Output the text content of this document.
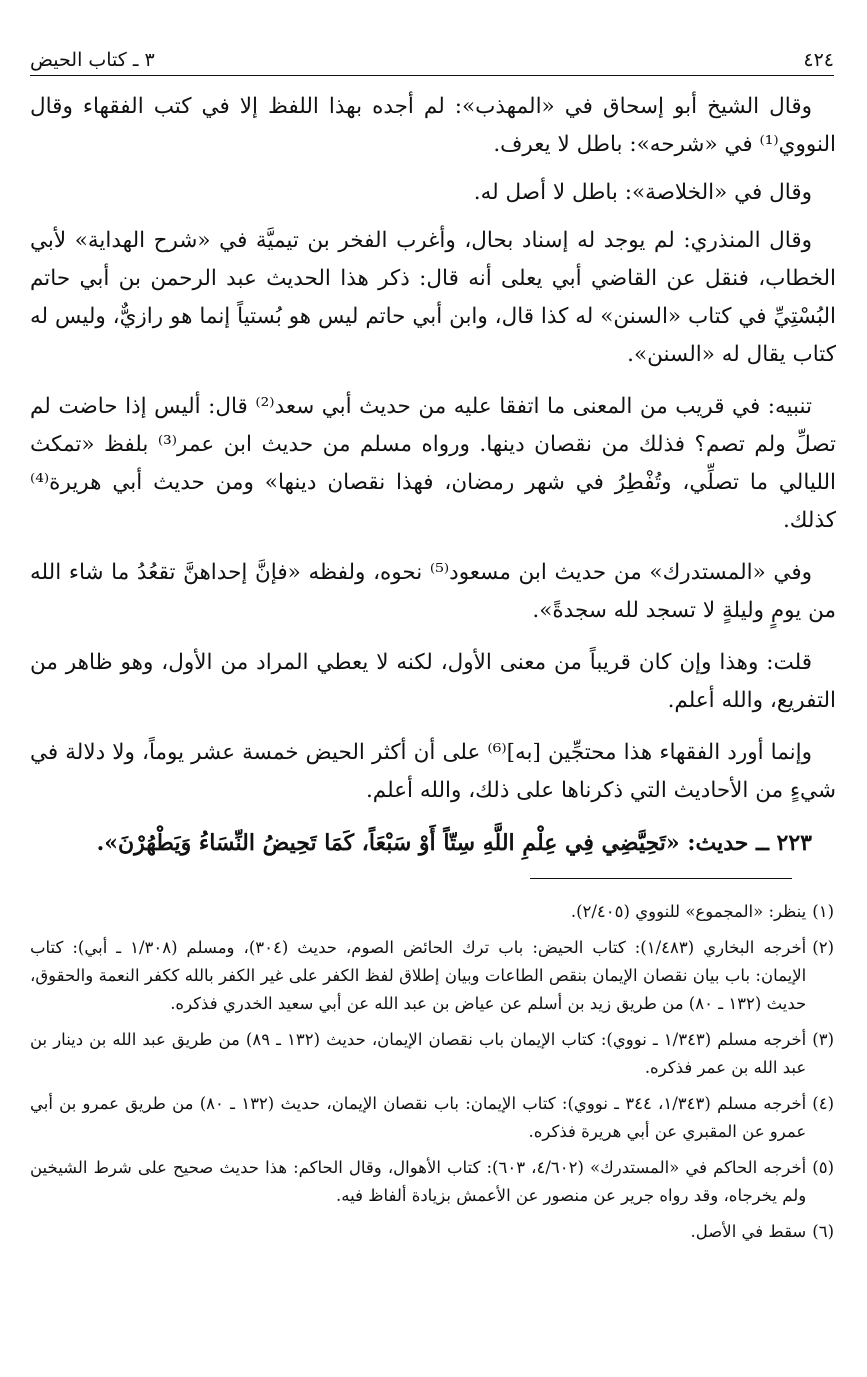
٤٢٤
٣ ـ كتاب الحيض

وقال الشيخ أبو إسحاق في «المهذب»: لم أجده بهذا اللفظ إلا في كتب الفقهاء وقال النووي⁽¹⁾ في «شرحه»: باطل لا يعرف.

وقال في «الخلاصة»: باطل لا أصل له.

وقال المنذري: لم يوجد له إسناد بحال، وأغرب الفخر بن تيميَّة في «شرح الهداية» لأبي الخطاب، فنقل عن القاضي أبي يعلى أنه قال: ذكر هذا الحديث عبد الرحمن بن أبي حاتم البُسْتِيِّ في كتاب «السنن» له كذا قال، وابن أبي حاتم ليس هو بُستياً إنما هو رازيٌّ، وليس له كتاب يقال له «السنن».

تنبيه: في قريب من المعنى ما اتفقا عليه من حديث أبي سعد⁽²⁾ قال: أليس إذا حاضت لم تصلِّ ولم تصم؟ فذلك من نقصان دينها. ورواه مسلم من حديث ابن عمر⁽³⁾ بلفظ «تمكث الليالي ما تصلِّي، وتُفْطِرُ في شهر رمضان، فهذا نقصان دينها» ومن حديث أبي هريرة⁽⁴⁾ كذلك.

وفي «المستدرك» من حديث ابن مسعود⁽⁵⁾ نحوه، ولفظه «فإنَّ إحداهنَّ تقعُدُ ما شاء الله من يومٍ وليلةٍ لا تسجد لله سجدةً».

قلت: وهذا وإن كان قريباً من معنى الأول، لكنه لا يعطي المراد من الأول، وهو ظاهر من التفريع، والله أعلم.

وإنما أورد الفقهاء هذا محتجِّين [به]⁽⁶⁾ على أن أكثر الحيض خمسة عشر يوماً، ولا دلالة في شيءٍ من الأحاديث التي ذكرناها على ذلك، والله أعلم.

٢٢٣ ــ حديث: «تَحِيَّضِي فِي عِلْمِ اللَّهِ سِتّاً أَوْ سَبْعَاً، كَمَا تَحِيضُ النِّسَاءُ وَيَطْهُرْنَ».

(١)
ينظر: «المجموع» للنووي (٢/٤٠٥).
(٢)
أخرجه البخاري (١/٤٨٣): كتاب الحيض: باب ترك الحائض الصوم، حديث (٣٠٤)، ومسلم (١/٣٠٨ ـ أبي): كتاب الإيمان: باب بيان نقصان الإيمان بنقص الطاعات وبيان إطلاق لفظ الكفر على غير الكفر بالله ككفر النعمة والحقوق، حديث (١٣٢ ـ ٨٠) من طريق زيد بن أسلم عن عياض بن عبد الله عن أبي سعيد الخدري فذكره.
(٣)
أخرجه مسلم (١/٣٤٣ ـ نووي): كتاب الإيمان باب نقصان الإيمان، حديث (١٣٢ ـ ٨٩) من طريق عبد الله بن دينار بن عبد الله بن عمر فذكره.
(٤)
أخرجه مسلم (١/٣٤٣، ٣٤٤ ـ نووي): كتاب الإيمان: باب نقصان الإيمان، حديث (١٣٢ ـ ٨٠) من طريق عمرو بن أبي عمرو عن المقبري عن أبي هريرة فذكره.
(٥)
أخرجه الحاكم في «المستدرك» (٤/٦٠٢، ٦٠٣): كتاب الأهوال، وقال الحاكم: هذا حديث صحيح على شرط الشيخين ولم يخرجاه، وقد رواه جرير عن منصور عن الأعمش بزيادة ألفاظ فيه.
(٦)
سقط في الأصل.
